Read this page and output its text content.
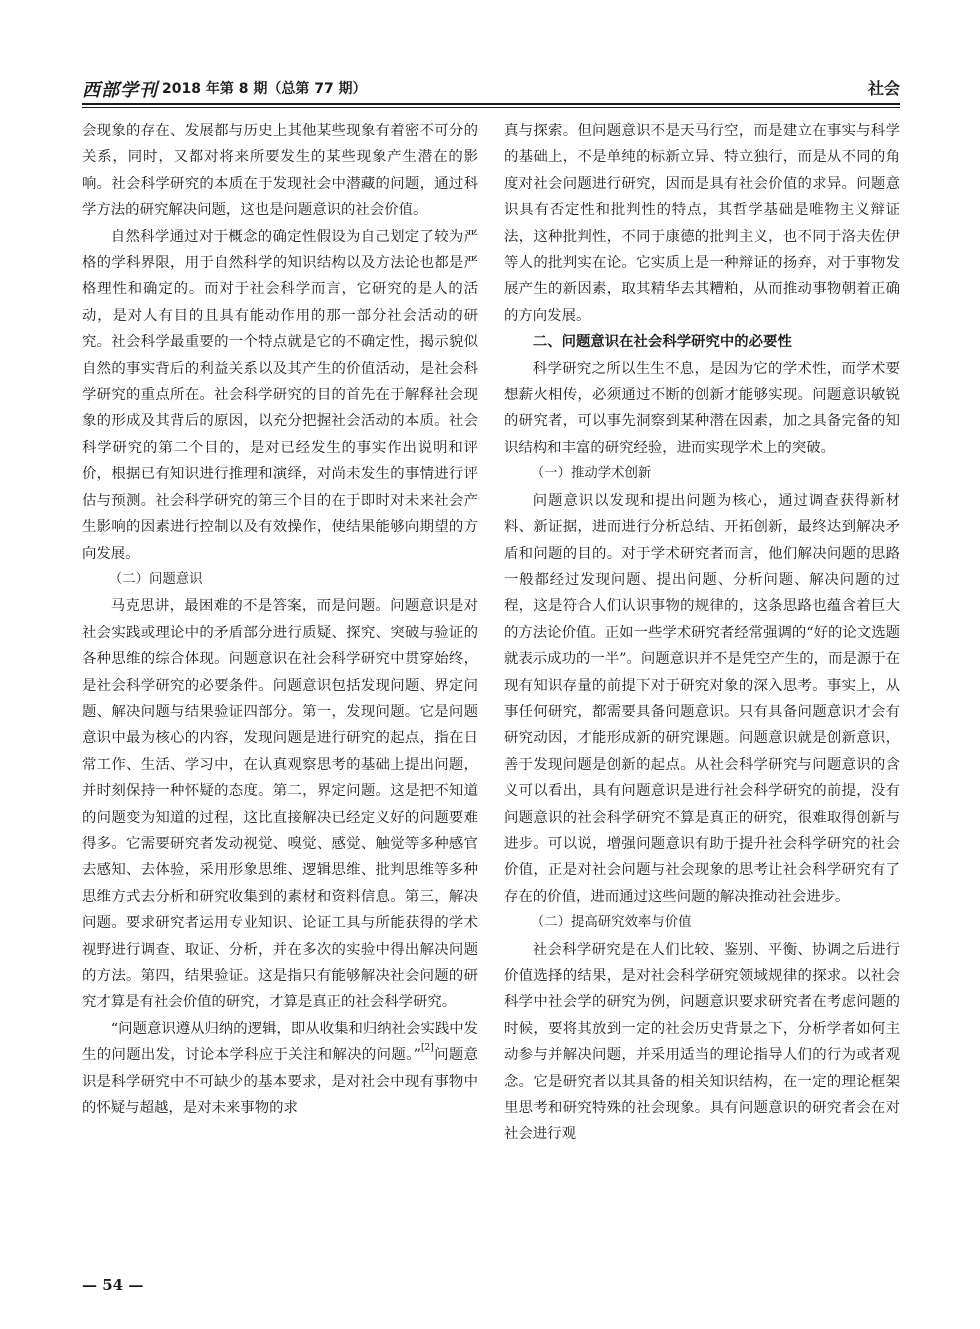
西部学刊 2018 年第 8 期（总第 77 期）	社会

会现象的存在、发展都与历史上其他某些现象有着密不可分的关系，同时，又都对将来所要发生的某些现象产生潜在的影响。社会科学研究的本质在于发现社会中潜藏的问题，通过科学方法的研究解决问题，这也是问题意识的社会价值。

自然科学通过对于概念的确定性假设为自己划定了较为严格的学科界限，用于自然科学的知识结构以及方法论也都是严格理性和确定的。而对于社会科学而言，它研究的是人的活动，是对人有目的且具有能动作用的那一部分社会活动的研究。社会科学最重要的一个特点就是它的不确定性，揭示貌似自然的事实背后的利益关系以及其产生的价值活动，是社会科学研究的重点所在。社会科学研究的目的首先在于解释社会现象的形成及其背后的原因，以充分把握社会活动的本质。社会科学研究的第二个目的，是对已经发生的事实作出说明和评价，根据已有知识进行推理和演绎，对尚未发生的事情进行评估与预测。社会科学研究的第三个目的在于即时对未来社会产生影响的因素进行控制以及有效操作，使结果能够向期望的方向发展。

（二）问题意识

马克思讲，最困难的不是答案，而是问题。问题意识是对社会实践或理论中的矛盾部分进行质疑、探究、突破与验证的各种思维的综合体现。问题意识在社会科学研究中贯穿始终，是社会科学研究的必要条件。问题意识包括发现问题、界定问题、解决问题与结果验证四部分。第一，发现问题。它是问题意识中最为核心的内容，发现问题是进行研究的起点，指在日常工作、生活、学习中，在认真观察思考的基础上提出问题，并时刻保持一种怀疑的态度。第二，界定问题。这是把不知道的问题变为知道的过程，这比直接解决已经定义好的问题要难得多。它需要研究者发动视觉、嗅觉、感觉、触觉等多种感官去感知、去体验，采用形象思维、逻辑思维、批判思维等多种思维方式去分析和研究收集到的素材和资料信息。第三，解决问题。要求研究者运用专业知识、论证工具与所能获得的学术视野进行调查、取证、分析，并在多次的实验中得出解决问题的方法。第四，结果验证。这是指只有能够解决社会问题的研究才算是有社会价值的研究，才算是真正的社会科学研究。

“问题意识遵从归纳的逻辑，即从收集和归纳社会实践中发生的问题出发，讨论本学科应于关注和解决的问题。”[2]问题意识是科学研究中不可缺少的基本要求，是对社会中现有事物中的怀疑与超越，是对未来事物的求

真与探索。但问题意识不是天马行空，而是建立在事实与科学的基础上，不是单纯的标新立异、特立独行，而是从不同的角度对社会问题进行研究，因而是具有社会价值的求异。问题意识具有否定性和批判性的特点，其哲学基础是唯物主义辩证法，这种批判性，不同于康德的批判主义，也不同于洛夫佐伊等人的批判实在论。它实质上是一种辩证的扬弃，对于事物发展产生的新因素，取其精华去其糟粕，从而推动事物朝着正确的方向发展。

二、问题意识在社会科学研究中的必要性

科学研究之所以生生不息，是因为它的学术性，而学术要想薪火相传，必须通过不断的创新才能够实现。问题意识敏锐的研究者，可以事先洞察到某种潜在因素，加之具备完备的知识结构和丰富的研究经验，进而实现学术上的突破。

（一）推动学术创新

问题意识以发现和提出问题为核心，通过调查获得新材料、新证据，进而进行分析总结、开拓创新，最终达到解决矛盾和问题的目的。对于学术研究者而言，他们解决问题的思路一般都经过发现问题、提出问题、分析问题、解决问题的过程，这是符合人们认识事物的规律的，这条思路也蕴含着巨大的方法论价值。正如一些学术研究者经常强调的“好的论文选题就表示成功的一半”。问题意识并不是凭空产生的，而是源于在现有知识存量的前提下对于研究对象的深入思考。事实上，从事任何研究，都需要具备问题意识。只有具备问题意识才会有研究动因，才能形成新的研究课题。问题意识就是创新意识，善于发现问题是创新的起点。从社会科学研究与问题意识的含义可以看出，具有问题意识是进行社会科学研究的前提，没有问题意识的社会科学研究不算是真正的研究，很难取得创新与进步。可以说，增强问题意识有助于提升社会科学研究的社会价值，正是对社会问题与社会现象的思考让社会科学研究有了存在的价值，进而通过这些问题的解决推动社会进步。

（二）提高研究效率与价值

社会科学研究是在人们比较、鉴别、平衡、协调之后进行价值选择的结果，是对社会科学研究领域规律的探求。以社会科学中社会学的研究为例，问题意识要求研究者在考虑问题的时候，要将其放到一定的社会历史背景之下，分析学者如何主动参与并解决问题，并采用适当的理论指导人们的行为或者观念。它是研究者以其具备的相关知识结构，在一定的理论框架里思考和研究特殊的社会现象。具有问题意识的研究者会在对社会进行观

— 54 —
